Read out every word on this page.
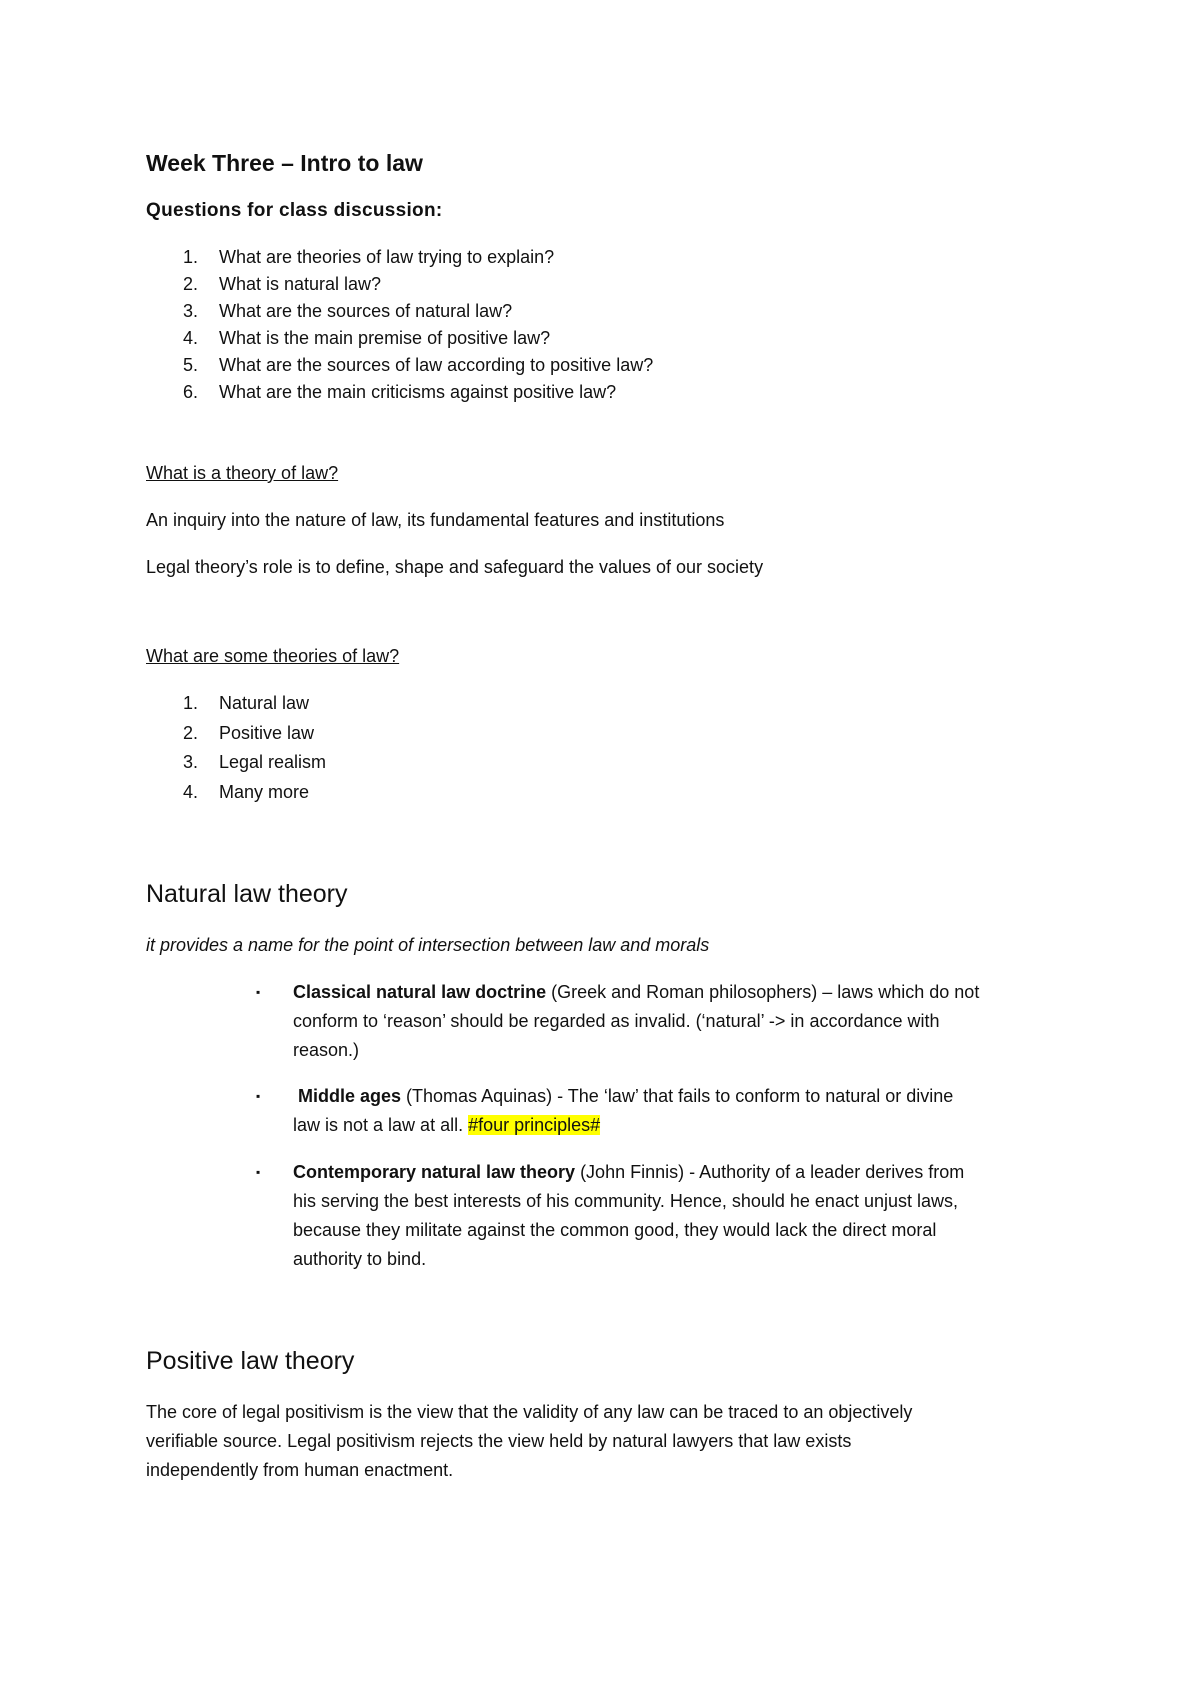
Week Three – Intro to law
Questions for class discussion:
1.	What are theories of law trying to explain?
2.	What is natural law?
3.	What are the sources of natural law?
4.	What is the main premise of positive law?
5.	What are the sources of law according to positive law?
6.	What are the main criticisms against positive law?
What is a theory of law?
An inquiry into the nature of law, its fundamental features and institutions
Legal theory’s role is to define, shape and safeguard the values of our society
What are some theories of law?
1.	Natural law
2.	Positive law
3.	Legal realism
4.	Many more
Natural law theory
it provides a name for the point of intersection between law and morals
▪ Classical natural law doctrine (Greek and Roman philosophers) – laws which do not
conform to ‘reason’ should be regarded as invalid. (‘natural’ -> in accordance with
reason.)
▪ Middle ages (Thomas Aquinas) - The ‘law’ that fails to conform to natural or divine
law is not a law at all. #four principles#
▪ Contemporary natural law theory (John Finnis) - Authority of a leader derives from
his serving the best interests of his community. Hence, should he enact unjust laws,
because they militate against the common good, they would lack the direct moral
authority to bind.
Positive law theory
The core of legal positivism is the view that the validity of any law can be traced to an objectively
verifiable source. Legal positivism rejects the view held by natural lawyers that law exists
independently from human enactment.
